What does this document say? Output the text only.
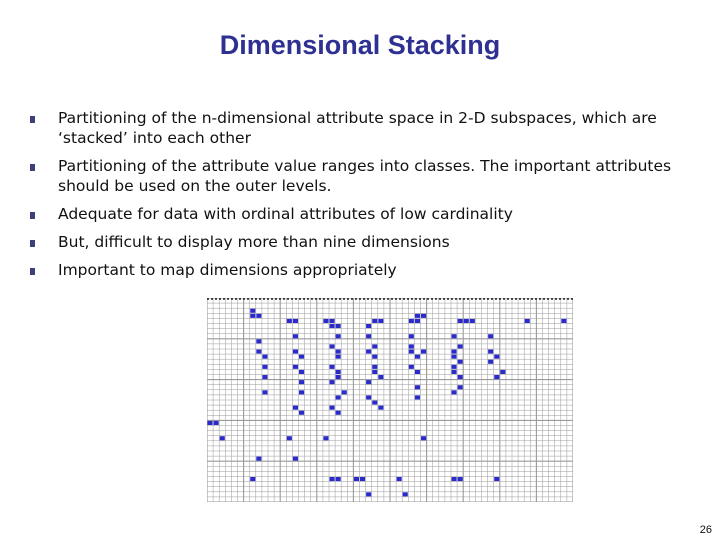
Dimensional Stacking
Partitioning of the n-dimensional attribute space in 2-D subspaces, which are ‘stacked’ into each other
Partitioning of the attribute value ranges into classes. The important attributes should be used on the outer levels.
Adequate for data with ordinal attributes of low cardinality
But, difficult to display more than nine dimensions
Important to map dimensions appropriately
26
